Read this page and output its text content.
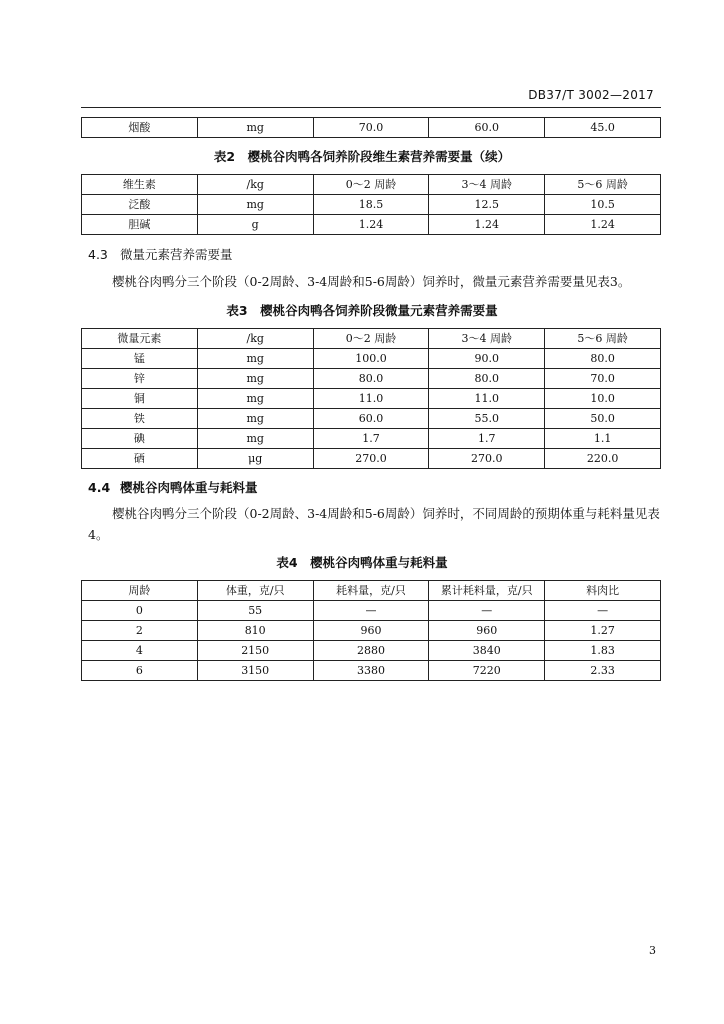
DB37/T 3002—2017
烟酸	mg	70.0	60.0	45.0
表2　樱桃谷肉鸭各饲养阶段维生素营养需要量（续）
维生素	/kg	0～2 周龄	3～4 周龄	5～6 周龄
泛酸	mg	18.5	12.5	10.5
胆碱	g	1.24	1.24	1.24
4.3 微量元素营养需要量
樱桃谷肉鸭分三个阶段（0-2周龄、3-4周龄和5-6周龄）饲养时，微量元素营养需要量见表3。
表3　樱桃谷肉鸭各饲养阶段微量元素营养需要量
微量元素	/kg	0～2 周龄	3～4 周龄	5～6 周龄
锰	mg	100.0	90.0	80.0
锌	mg	80.0	80.0	70.0
铜	mg	11.0	11.0	10.0
铁	mg	60.0	55.0	50.0
碘	mg	1.7	1.7	1.1
硒	μg	270.0	270.0	220.0
4.4 樱桃谷肉鸭体重与耗料量
樱桃谷肉鸭分三个阶段（0-2周龄、3-4周龄和5-6周龄）饲养时，不同周龄的预期体重与耗料量见表4。
表4　樱桃谷肉鸭体重与耗料量
周龄	体重，克/只	耗料量，克/只	累计耗料量，克/只	料肉比
0	55	—	—	—
2	810	960	960	1.27
4	2150	2880	3840	1.83
6	3150	3380	7220	2.33
3
